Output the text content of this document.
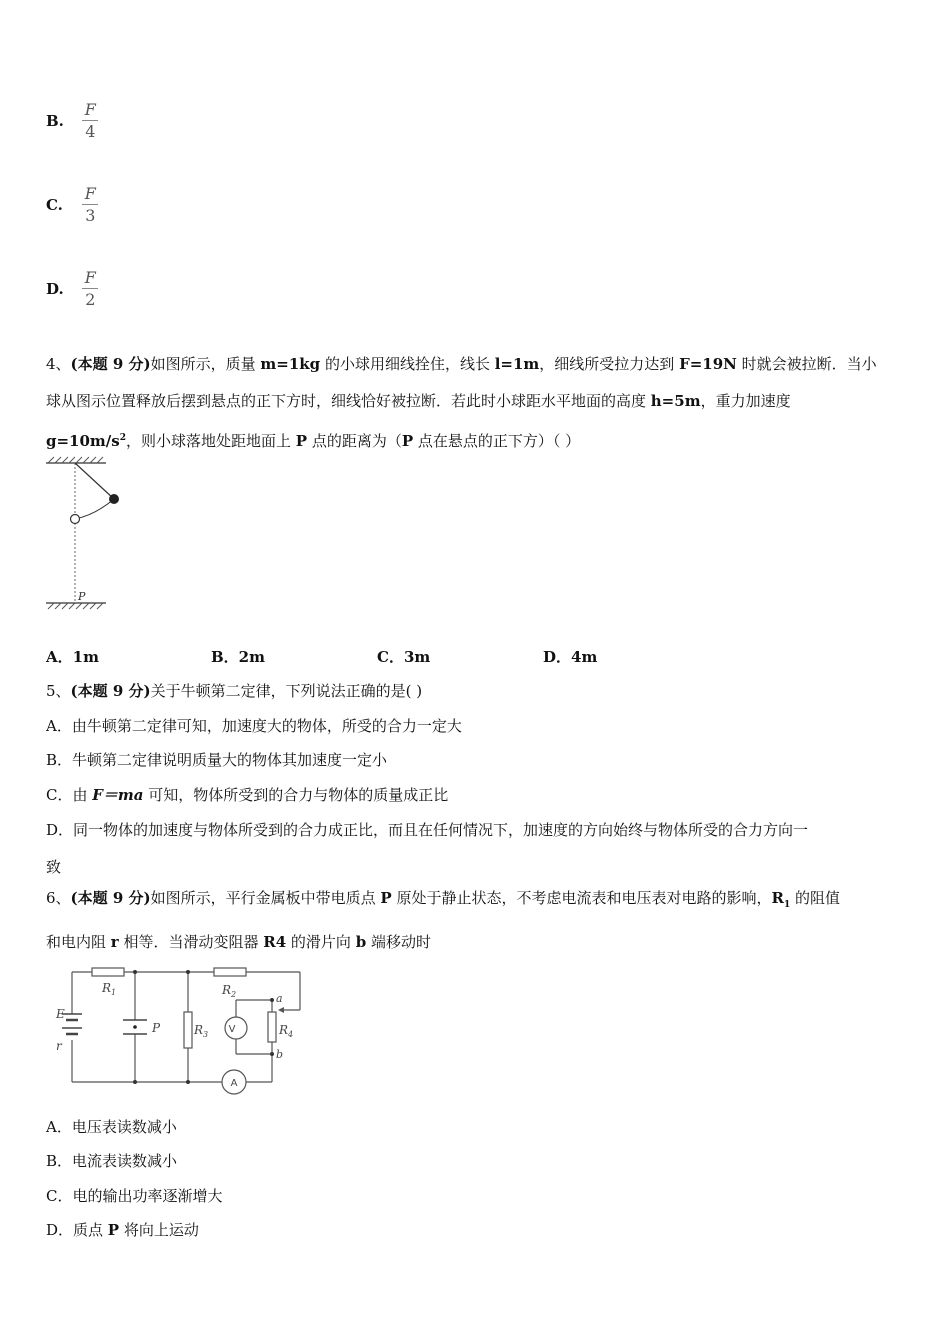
B. $\frac{F}{4}$
C. $\frac{F}{3}$
D. $\frac{F}{2}$
4、(本题 9 分)如图所示，质量 m=1kg 的小球用细线拴住，线长 l=1m，细线所受拉力达到 F=19N 时就会被拉断．当小
球从图示位置释放后摆到悬点的正下方时，细线恰好被拉断．若此时小球距水平地面的高度 h=5m，重力加速度
$g=10m/s^2$，则小球落地处距地面上 P 点的距离为（P 点在悬点的正下方）（ ）
P
A．1m	B．2m	C．3m	D．4m
5、(本题 9 分)关于牛顿第二定律，下列说法正确的是( )
A．由牛顿第二定律可知，加速度大的物体，所受的合力一定大
B．牛顿第二定律说明质量大的物体其加速度一定小
C．由 F＝ma 可知，物体所受到的合力与物体的质量成正比
D．同一物体的加速度与物体所受到的合力成正比，而且在任何情况下，加速度的方向始终与物体所受的合力方向一
致
6、(本题 9 分)如图所示，平行金属板中带电质点 P 原处于静止状态，不考虑电流表和电压表对电路的影响，$R_1$ 的阻值
和电内阻 r 相等．当滑动变阻器 R4 的滑片向 b 端移动时
E
r
$R_1$	$R_2$
$R_3$	$R_4$
P
a
b
V
A
A．电压表读数减小
B．电流表读数减小
C．电的输出功率逐渐增大
D．质点 P 将向上运动
